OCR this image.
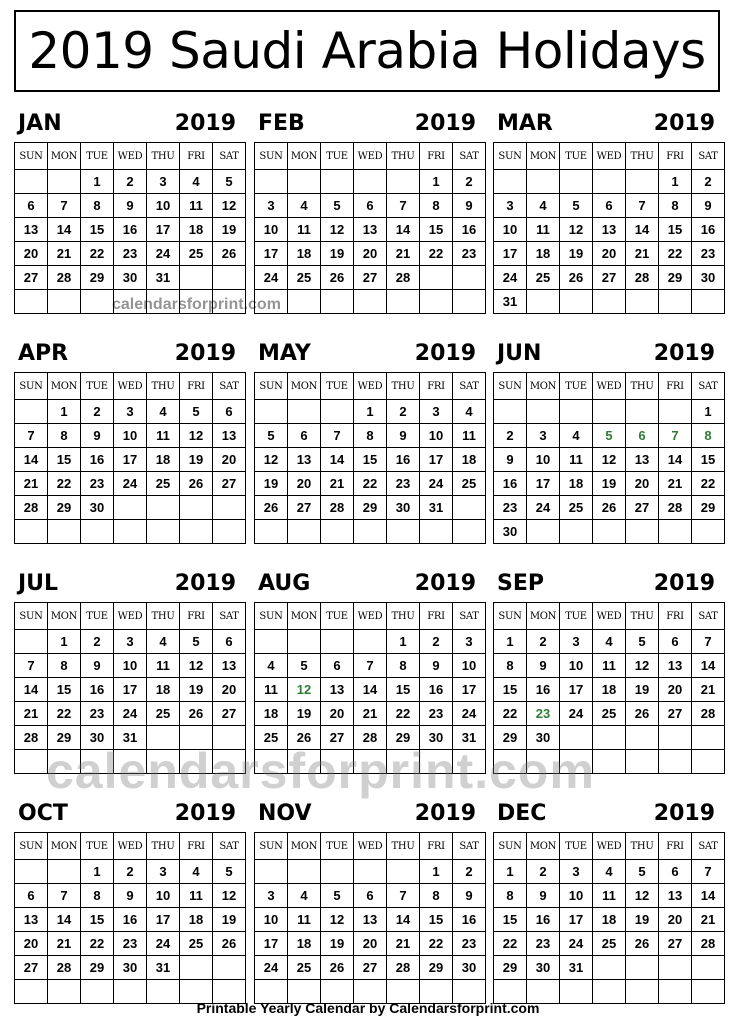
2019 Saudi Arabia Holidays
JAN	2019
SUN	MON	TUE	WED	THU	FRI	SAT
		1	2	3	4	5
6	7	8	9	10	11	12
13	14	15	16	17	18	19
20	21	22	23	24	25	26
27	28	29	30	31		

FEB	2019
SUN	MON	TUE	WED	THU	FRI	SAT
					1	2
3	4	5	6	7	8	9
10	11	12	13	14	15	16
17	18	19	20	21	22	23
24	25	26	27	28		

MAR	2019
SUN	MON	TUE	WED	THU	FRI	SAT
					1	2
3	4	5	6	7	8	9
10	11	12	13	14	15	16
17	18	19	20	21	22	23
24	25	26	27	28	29	30
31						
APR	2019
SUN	MON	TUE	WED	THU	FRI	SAT
	1	2	3	4	5	6
7	8	9	10	11	12	13
14	15	16	17	18	19	20
21	22	23	24	25	26	27
28	29	30				

MAY	2019
SUN	MON	TUE	WED	THU	FRI	SAT
			1	2	3	4
5	6	7	8	9	10	11
12	13	14	15	16	17	18
19	20	21	22	23	24	25
26	27	28	29	30	31	

JUN	2019
SUN	MON	TUE	WED	THU	FRI	SAT
						1
2	3	4	5	6	7	8
9	10	11	12	13	14	15
16	17	18	19	20	21	22
23	24	25	26	27	28	29
30						
JUL	2019
SUN	MON	TUE	WED	THU	FRI	SAT
	1	2	3	4	5	6
7	8	9	10	11	12	13
14	15	16	17	18	19	20
21	22	23	24	25	26	27
28	29	30	31			

AUG	2019
SUN	MON	TUE	WED	THU	FRI	SAT
				1	2	3
4	5	6	7	8	9	10
11	12	13	14	15	16	17
18	19	20	21	22	23	24
25	26	27	28	29	30	31

SEP	2019
SUN	MON	TUE	WED	THU	FRI	SAT
1	2	3	4	5	6	7
8	9	10	11	12	13	14
15	16	17	18	19	20	21
22	23	24	25	26	27	28
29	30					

OCT	2019
SUN	MON	TUE	WED	THU	FRI	SAT
		1	2	3	4	5
6	7	8	9	10	11	12
13	14	15	16	17	18	19
20	21	22	23	24	25	26
27	28	29	30	31		

NOV	2019
SUN	MON	TUE	WED	THU	FRI	SAT
					1	2
3	4	5	6	7	8	9
10	11	12	13	14	15	16
17	18	19	20	21	22	23
24	25	26	27	28	29	30

DEC	2019
SUN	MON	TUE	WED	THU	FRI	SAT
1	2	3	4	5	6	7
8	9	10	11	12	13	14
15	16	17	18	19	20	21
22	23	24	25	26	27	28
29	30	31				

calendarsforprint.com
calendarsforprint.com
Printable Yearly Calendar by Calendarsforprint.com
